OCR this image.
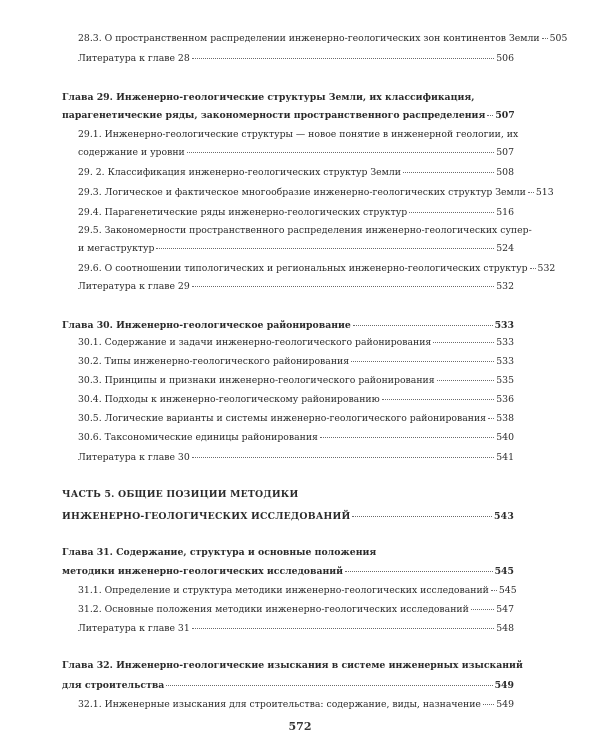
28.3. О пространственном распределении инженерно-геологических зон континентов Земли 505
Литература к главе 28	506
Глава 29. Инженерно-геологические структуры Земли, их классификация,
парагенетические ряды, закономерности пространственного распределения 507
29.1. Инженерно-геологические структуры — новое понятие в инженерной геологии, их
содержание и уровни	507
29. 2. Классификация инженерно-геологических структур Земли	508
29.3. Логическое и фактическое многообразие инженерно-геологических структур Земли 513
29.4. Парагенетические ряды инженерно-геологических структур	516
29.5. Закономерности пространственного распределения инженерно-геологических супер-
и мегаструктур	524
29.6. О соотношении типологических и региональных инженерно-геологических структур 532
Литература к главе 29	532
Глава 30. Инженерно-геологическое районирование	533
30.1. Содержание и задачи инженерно-геологического районирования	533
30.2. Типы инженерно-геологического районирования	533
30.3. Принципы и признаки инженерно-геологического районирования	535
30.4. Подходы к инженерно-геологическому районированию	536
30.5. Логические варианты и системы инженерно-геологического районирования 538
30.6. Таксономические единицы районирования	540
Литература к главе 30	541
ЧАСТЬ 5. ОБЩИЕ ПОЗИЦИИ МЕТОДИКИ
ИНЖЕНЕРНО-ГЕОЛОГИЧЕСКИХ ИССЛЕДОВАНИЙ	543
Глава 31. Содержание, структура и основные положения
методики инженерно-геологических исследований	545
31.1. Определение и структура методики инженерно-геологических исследований 545
31.2. Основные положения методики инженерно-геологических исследований	547
Литература к главе 31	548
Глава 32. Инженерно-геологические изыскания в системе инженерных изысканий
для строительства	549
32.1. Инженерные изыскания для строительства: содержание, виды, назначение 549
572
